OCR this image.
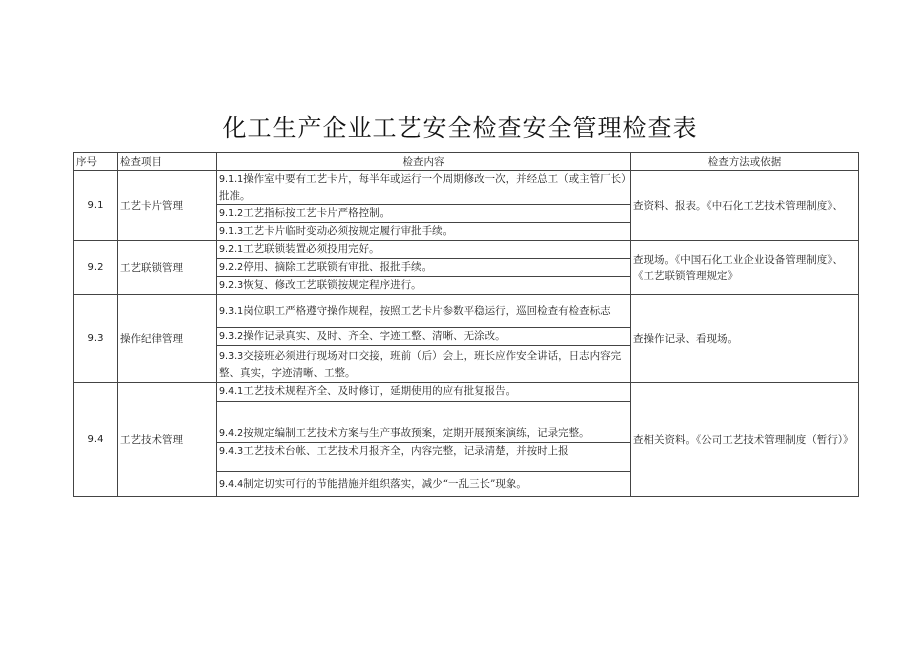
化工生产企业工艺安全检查安全管理检查表
序号	检查项目	检查内容	检查方法或依据
9.1	工艺卡片管理	9.1.1操作室中要有工艺卡片，每半年或运行一个周期修改一次，并经总工（或主管厂长）批准。	查资料、报表。《中石化工艺技术管理制度》、
		9.1.2工艺指标按工艺卡片严格控制。	
		9.1.3工艺卡片临时变动必须按规定履行审批手续。	
9.2	工艺联锁管理	9.2.1工艺联锁装置必须投用完好。	查现场。《中国石化工业企业设备管理制度》、《工艺联锁管理规定》
		9.2.2停用、摘除工艺联锁有审批、报批手续。	
		9.2.3恢复、修改工艺联锁按规定程序进行。	
9.3	操作纪律管理	9.3.1岗位职工严格遵守操作规程，按照工艺卡片参数平稳运行，巡回检查有检查标志	查操作记录、看现场。
		9.3.2操作记录真实、及时、齐全、字迹工整、清晰、无涂改。	
		9.3.3交接班必须进行现场对口交接，班前（后）会上，班长应作安全讲话，日志内容完整、真实，字迹清晰、工整。	
9.4	工艺技术管理	9.4.1工艺技术规程齐全、及时修订，延期使用的应有批复报告。	查相关资料。《公司工艺技术管理制度（暂行）》
		9.4.2按规定编制工艺技术方案与生产事故预案，定期开展预案演练，记录完整。	
		9.4.3工艺技术台帐、工艺技术月报齐全，内容完整，记录清楚，并按时上报	
		9.4.4制定切实可行的节能措施并组织落实，减少“一乱三长”现象。	
